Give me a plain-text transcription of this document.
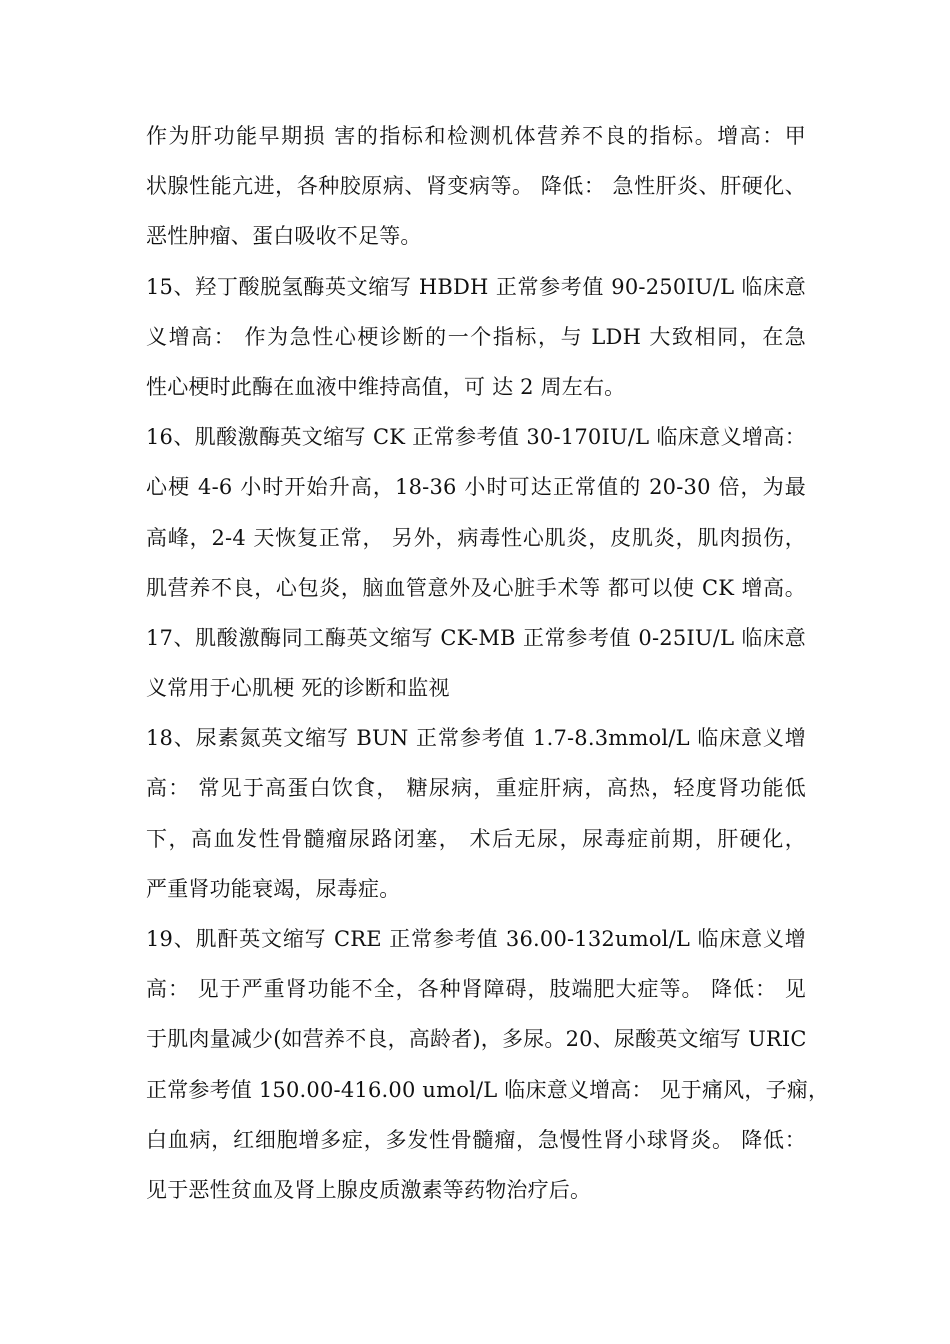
作为肝功能早期损 害的指标和检测机体营养不良的指标。增高：甲
状腺性能亢进，各种胶原病、肾变病等。 降低： 急性肝炎、肝硬化、
恶性肿瘤、蛋白吸收不足等。
15、羟丁酸脱氢酶英文缩写 HBDH 正常参考值 90-250IU/L 临床意
义增高： 作为急性心梗诊断的一个指标，与 LDH 大致相同，在急
性心梗时此酶在血液中维持高值，可 达 2 周左右。
16、肌酸激酶英文缩写 CK 正常参考值 30-170IU/L 临床意义增高：
心梗 4-6 小时开始升高，18-36 小时可达正常值的 20-30 倍，为最
高峰，2-4 天恢复正常， 另外，病毒性心肌炎，皮肌炎，肌肉损伤，
肌营养不良，心包炎，脑血管意外及心脏手术等 都可以使 CK 增高。
17、肌酸激酶同工酶英文缩写 CK-MB 正常参考值 0-25IU/L 临床意
义常用于心肌梗 死的诊断和监视
18、尿素氮英文缩写 BUN 正常参考值 1.7-8.3mmol/L 临床意义增
高： 常见于高蛋白饮食， 糖尿病，重症肝病，高热，轻度肾功能低
下，高血发性骨髓瘤尿路闭塞， 术后无尿，尿毒症前期，肝硬化，
严重肾功能衰竭，尿毒症。
19、肌酐英文缩写 CRE 正常参考值 36.00-132umol/L 临床意义增
高： 见于严重肾功能不全，各种肾障碍，肢端肥大症等。 降低： 见
于肌肉量减少(如营养不良，高龄者)，多尿。20、尿酸英文缩写 URIC
正常参考值 150.00-416.00 umol/L 临床意义增高： 见于痛风，子痫，
白血病，红细胞增多症，多发性骨髓瘤，急慢性肾小球肾炎。 降低：
见于恶性贫血及肾上腺皮质激素等药物治疗后。
